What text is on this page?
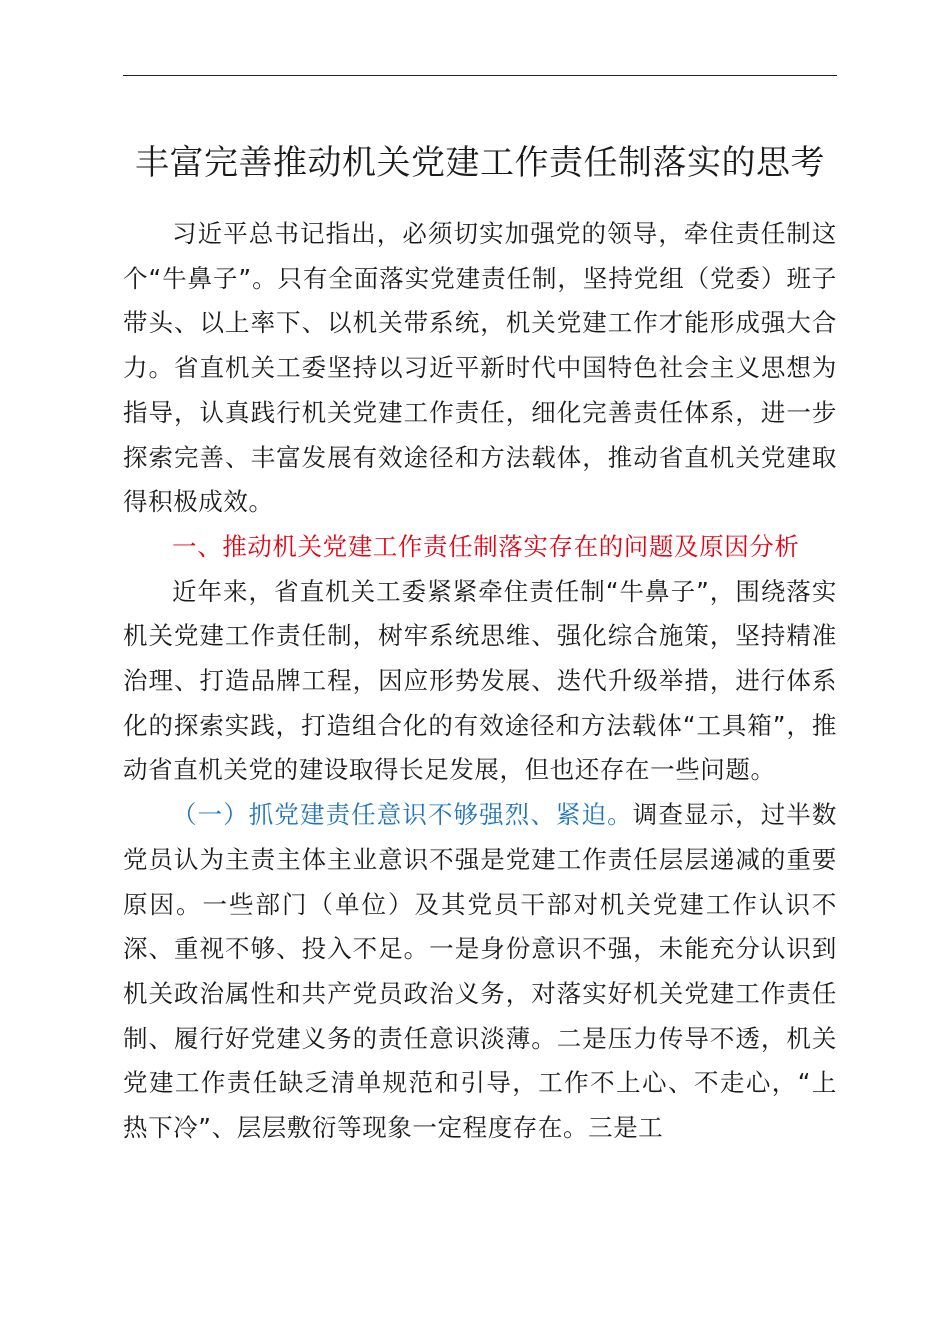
丰富完善推动机关党建工作责任制落实的思考

习近平总书记指出，必须切实加强党的领导，牵住责任制这个“牛鼻子”。只有全面落实党建责任制，坚持党组（党委）班子带头、以上率下、以机关带系统，机关党建工作才能形成强大合力。省直机关工委坚持以习近平新时代中国特色社会主义思想为指导，认真践行机关党建工作责任，细化完善责任体系，进一步探索完善、丰富发展有效途径和方法载体，推动省直机关党建取得积极成效。

一、推动机关党建工作责任制落实存在的问题及原因分析

近年来，省直机关工委紧紧牵住责任制“牛鼻子”，围绕落实机关党建工作责任制，树牢系统思维、强化综合施策，坚持精准治理、打造品牌工程，因应形势发展、迭代升级举措，进行体系化的探索实践，打造组合化的有效途径和方法载体“工具箱”，推动省直机关党的建设取得长足发展，但也还存在一些问题。

（一）抓党建责任意识不够强烈、紧迫。调查显示，过半数党员认为主责主体主业意识不强是党建工作责任层层递减的重要原因。一些部门（单位）及其党员干部对机关党建工作认识不深、重视不够、投入不足。一是身份意识不强，未能充分认识到机关政治属性和共产党员政治义务，对落实好机关党建工作责任制、履行好党建义务的责任意识淡薄。二是压力传导不透，机关党建工作责任缺乏清单规范和引导，工作不上心、不走心，“上热下冷”、层层敷衍等现象一定程度存在。三是工
